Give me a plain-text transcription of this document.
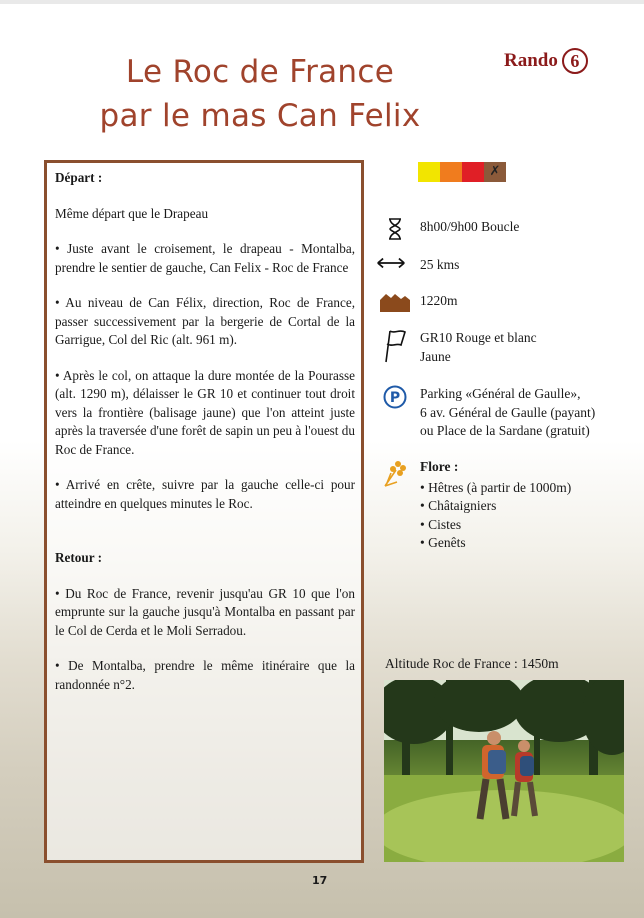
Le Roc de France
par le mas Can Felix
Rando 6

Départ :

Même départ que le Drapeau

• Juste avant le croisement, le drapeau - Montalba, prendre le sentier de gauche, Can Felix - Roc de France

• Au niveau de Can Félix, direction, Roc de France, passer successivement par la bergerie de Cortal de la Garrigue, Col del Ric (alt. 961 m).

• Après le col, on attaque la dure montée de la Pourasse (alt. 1290 m), délaisser le GR 10 et continuer tout droit vers la frontière (balisage jaune) que l'on atteint juste après la traversée d'une forêt de sapin un peu à l'ouest du Roc de France.

• Arrivé en crête, suivre par la gauche celle-ci pour atteindre en quelques minutes le Roc.

Retour :

• Du Roc de France, revenir jusqu'au GR 10 que l'on emprunte sur la gauche jusqu'à Montalba en passant par le Col de Cerda et le Moli Serradou.

• De Montalba, prendre le même itinéraire que la randonnée n°2.

✗
8h00/9h00 Boucle
25 kms
1220m
GR10 Rouge et blanc
Jaune
P Parking «Général de Gaulle»,
6 av. Général de Gaulle (payant)
ou Place de la Sardane (gratuit)
Flore :
• Hêtres (à partir de 1000m)
• Châtaigniers
• Cistes
• Genêts
Altitude Roc de France : 1450m
17
